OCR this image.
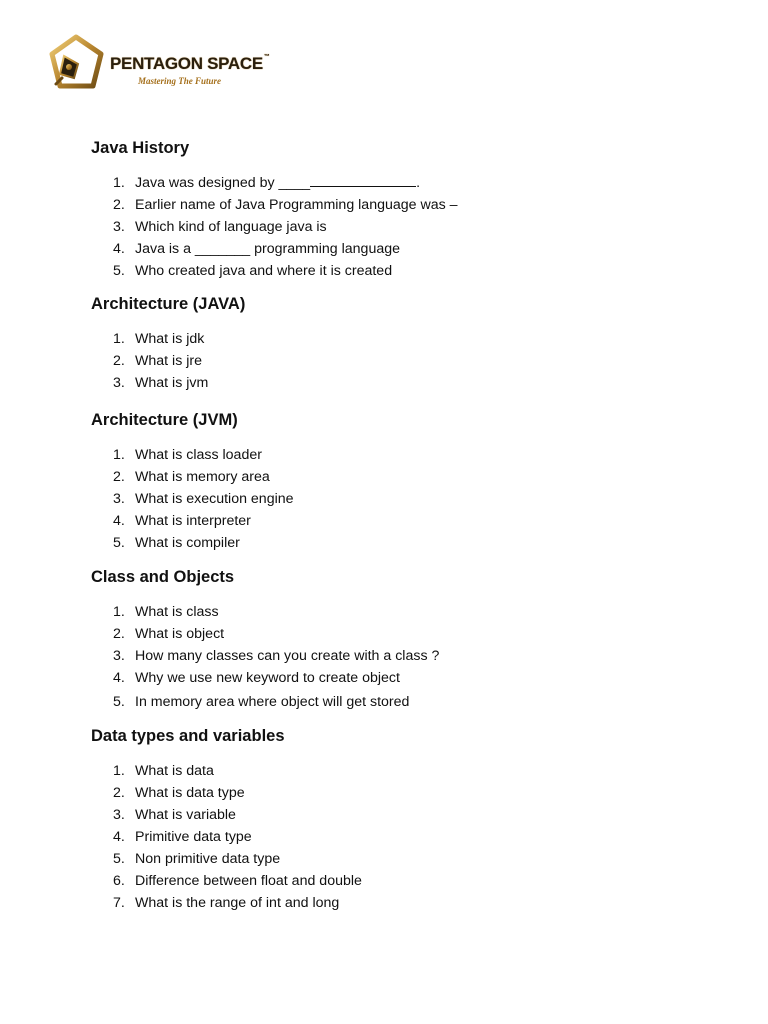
PENTAGON SPACE™
Mastering The Future
Java History
1. Java was designed by ____	.
2. Earlier name of Java Programming language was –
3. Which kind of language java is
4. Java is a _______ programming language
5. Who created java and where it is created
Architecture (JAVA)
1. What is jdk
2. What is jre
3. What is jvm
Architecture (JVM)
1. What is class loader
2. What is memory area
3. What is execution engine
4. What is interpreter
5. What is compiler
Class and Objects
1. What is class
2. What is object
3. How many classes can you create with a class ?
4. Why we use new keyword to create object
5. In memory area where object will get stored
Data types and variables
1. What is data
2. What is data type
3. What is variable
4. Primitive data type
5. Non primitive data type
6. Difference between float and double
7. What is the range of int and long
